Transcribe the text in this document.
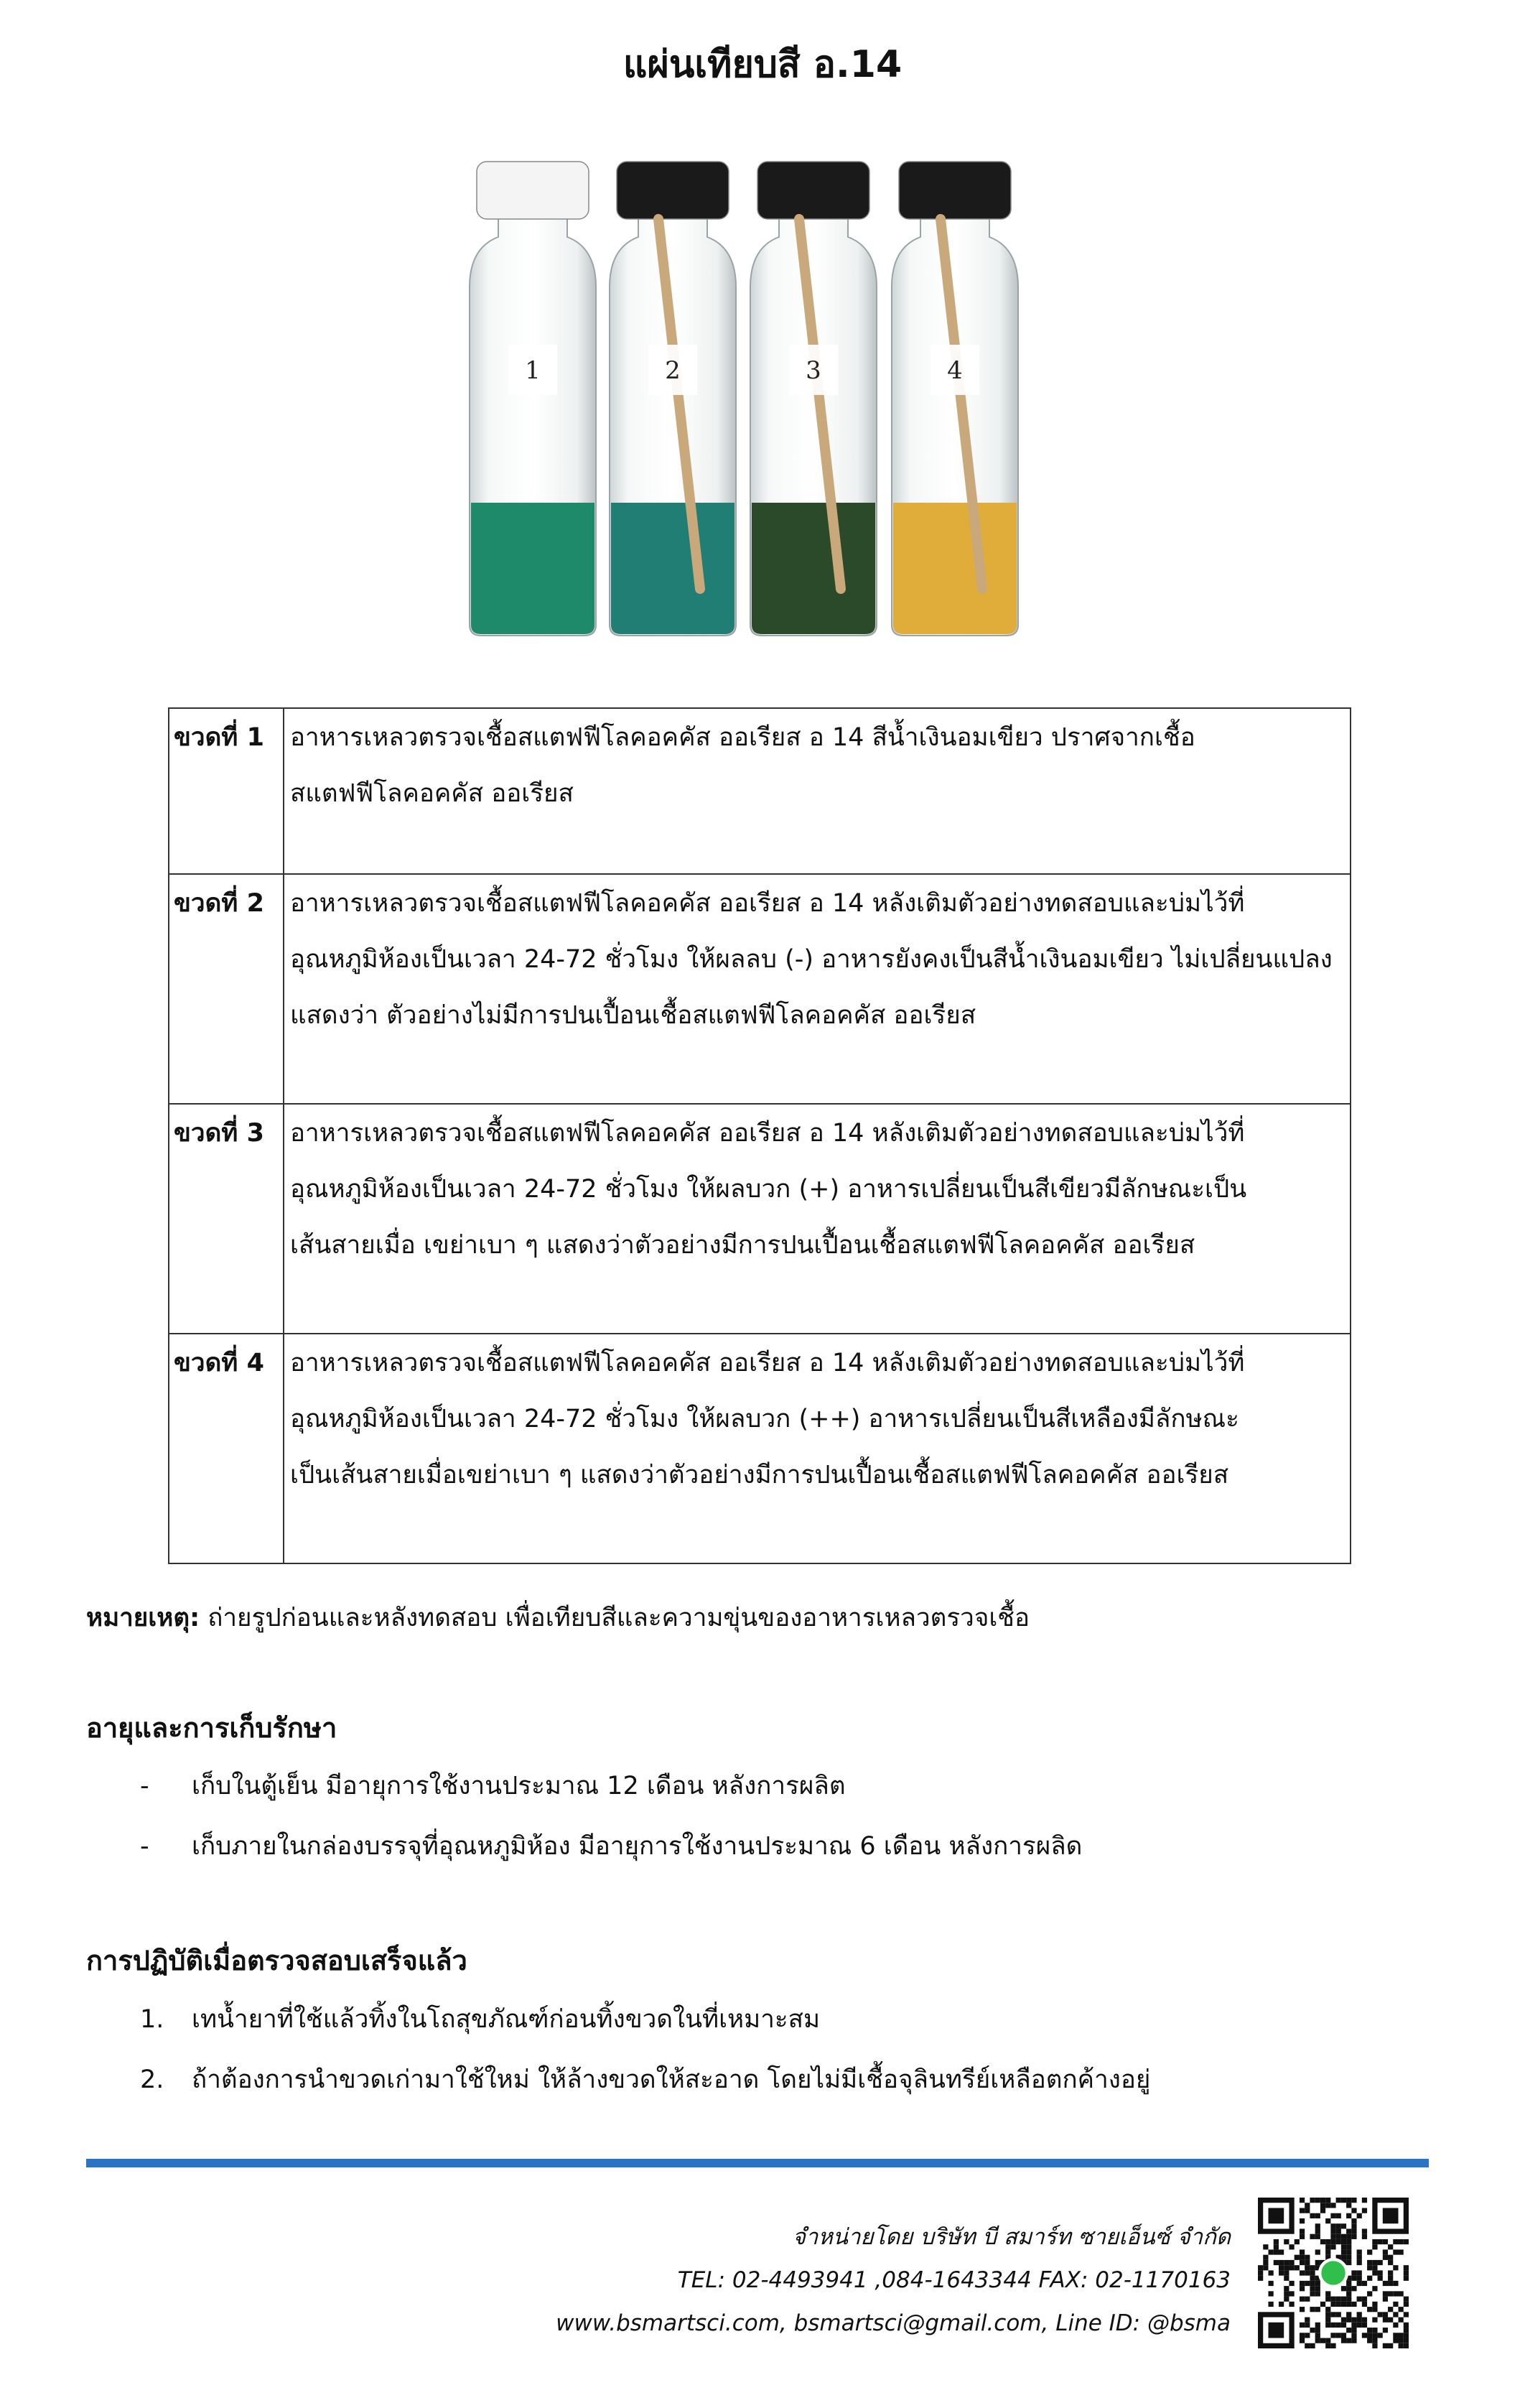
แผ่นเทียบสี อ.14
1	2	3	4
ขวดที่ 1	อาหารเหลวตรวจเชื้อสแตฟฟีโลคอคคัส ออเรียส อ 14 สีน้ำเงินอมเขียว ปราศจากเชื้อ
สแตฟฟีโลคอคคัส ออเรียส

ขวดที่ 2	อาหารเหลวตรวจเชื้อสแตฟฟีโลคอคคัส ออเรียส อ 14 หลังเติมตัวอย่างทดสอบและบ่มไว้ที่
อุณหภูมิห้องเป็นเวลา 24-72 ชั่วโมง ให้ผลลบ (-) อาหารยังคงเป็นสีน้ำเงินอมเขียว ไม่เปลี่ยนแปลง
แสดงว่า ตัวอย่างไม่มีการปนเปื้อนเชื้อสแตฟฟีโลคอคคัส ออเรียส

ขวดที่ 3	อาหารเหลวตรวจเชื้อสแตฟฟีโลคอคคัส ออเรียส อ 14 หลังเติมตัวอย่างทดสอบและบ่มไว้ที่
อุณหภูมิห้องเป็นเวลา 24-72 ชั่วโมง ให้ผลบวก (+) อาหารเปลี่ยนเป็นสีเขียวมีลักษณะเป็น
เส้นสายเมื่อ เขย่าเบา ๆ แสดงว่าตัวอย่างมีการปนเปื้อนเชื้อสแตฟฟีโลคอคคัส ออเรียส

ขวดที่ 4	อาหารเหลวตรวจเชื้อสแตฟฟีโลคอคคัส ออเรียส อ 14 หลังเติมตัวอย่างทดสอบและบ่มไว้ที่
อุณหภูมิห้องเป็นเวลา 24-72 ชั่วโมง ให้ผลบวก (++) อาหารเปลี่ยนเป็นสีเหลืองมีลักษณะ
เป็นเส้นสายเมื่อเขย่าเบา ๆ แสดงว่าตัวอย่างมีการปนเปื้อนเชื้อสแตฟฟีโลคอคคัส ออเรียส
หมายเหตุ: ถ่ายรูปก่อนและหลังทดสอบ เพื่อเทียบสีและความขุ่นของอาหารเหลวตรวจเชื้อ
อายุและการเก็บรักษา
- เก็บในตู้เย็น มีอายุการใช้งานประมาณ 12 เดือน หลังการผลิต
- เก็บภายในกล่องบรรจุที่อุณหภูมิห้อง มีอายุการใช้งานประมาณ 6 เดือน หลังการผลิด
การปฏิบัติเมื่อตรวจสอบเสร็จแล้ว
1. เทน้ำยาที่ใช้แล้วทิ้งในโถสุขภัณฑ์ก่อนทิ้งขวดในที่เหมาะสม
2. ถ้าต้องการนำขวดเก่ามาใช้ใหม่ ให้ล้างขวดให้สะอาด โดยไม่มีเชื้อจุลินทรีย์เหลือตกค้างอยู่
จำหน่ายโดย บริษัท บี สมาร์ท ซายเอ็นซ์ จำกัด
TEL: 02-4493941 ,084-1643344 FAX: 02-1170163
www.bsmartsci.com, bsmartsci@gmail.com, Line ID: @bsma
